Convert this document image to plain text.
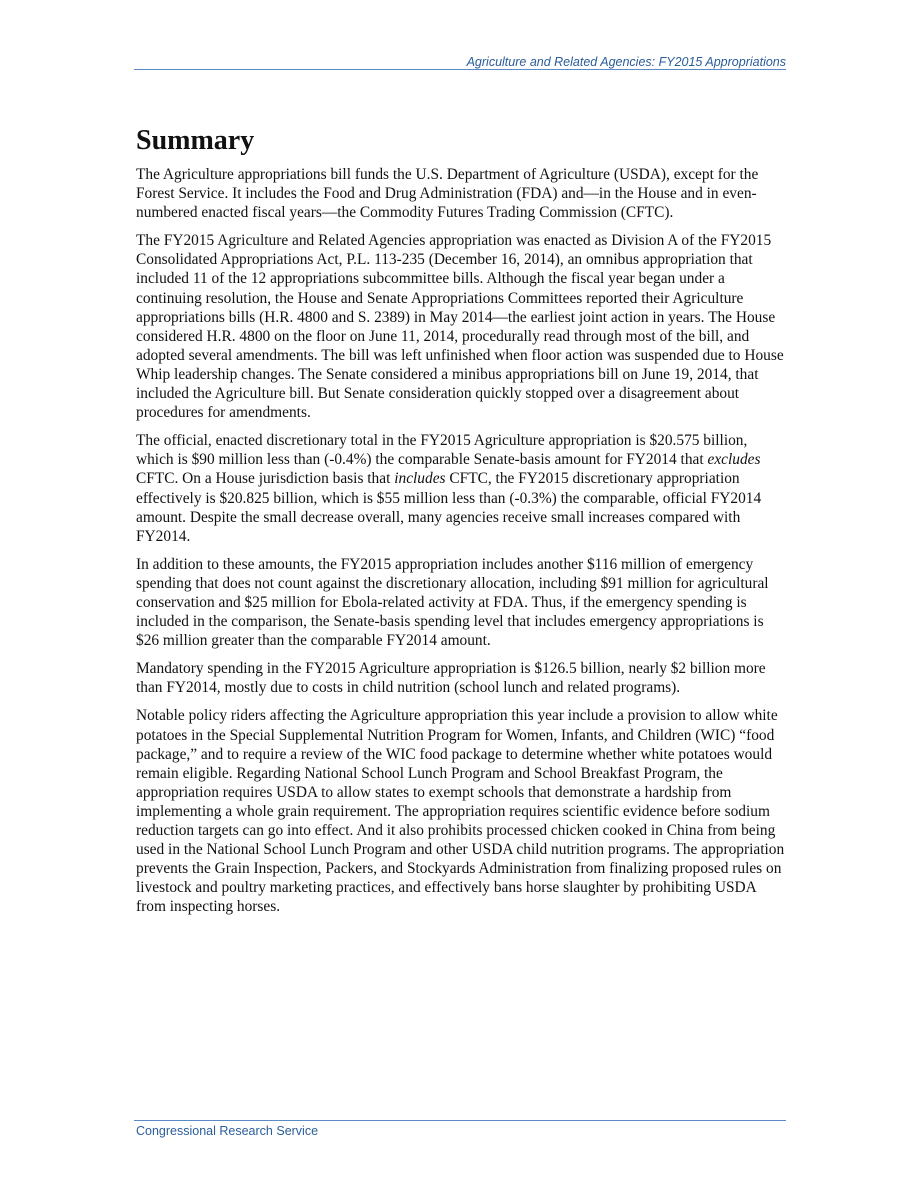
Agriculture and Related Agencies: FY2015 Appropriations
Summary

The Agriculture appropriations bill funds the U.S. Department of Agriculture (USDA), except for the Forest Service. It includes the Food and Drug Administration (FDA) and—in the House and in even-numbered enacted fiscal years—the Commodity Futures Trading Commission (CFTC).

The FY2015 Agriculture and Related Agencies appropriation was enacted as Division A of the FY2015 Consolidated Appropriations Act, P.L. 113-235 (December 16, 2014), an omnibus appropriation that included 11 of the 12 appropriations subcommittee bills. Although the fiscal year began under a continuing resolution, the House and Senate Appropriations Committees reported their Agriculture appropriations bills (H.R. 4800 and S. 2389) in May 2014—the earliest joint action in years. The House considered H.R. 4800 on the floor on June 11, 2014, procedurally read through most of the bill, and adopted several amendments. The bill was left unfinished when floor action was suspended due to House Whip leadership changes. The Senate considered a minibus appropriations bill on June 19, 2014, that included the Agriculture bill. But Senate consideration quickly stopped over a disagreement about procedures for amendments.

The official, enacted discretionary total in the FY2015 Agriculture appropriation is $20.575 billion, which is $90 million less than (-0.4%) the comparable Senate-basis amount for FY2014 that excludes CFTC. On a House jurisdiction basis that includes CFTC, the FY2015 discretionary appropriation effectively is $20.825 billion, which is $55 million less than (-0.3%) the comparable, official FY2014 amount. Despite the small decrease overall, many agencies receive small increases compared with FY2014.

In addition to these amounts, the FY2015 appropriation includes another $116 million of emergency spending that does not count against the discretionary allocation, including $91 million for agricultural conservation and $25 million for Ebola-related activity at FDA. Thus, if the emergency spending is included in the comparison, the Senate-basis spending level that includes emergency appropriations is $26 million greater than the comparable FY2014 amount.

Mandatory spending in the FY2015 Agriculture appropriation is $126.5 billion, nearly $2 billion more than FY2014, mostly due to costs in child nutrition (school lunch and related programs).

Notable policy riders affecting the Agriculture appropriation this year include a provision to allow white potatoes in the Special Supplemental Nutrition Program for Women, Infants, and Children (WIC) “food package,” and to require a review of the WIC food package to determine whether white potatoes would remain eligible. Regarding National School Lunch Program and School Breakfast Program, the appropriation requires USDA to allow states to exempt schools that demonstrate a hardship from implementing a whole grain requirement. The appropriation requires scientific evidence before sodium reduction targets can go into effect. And it also prohibits processed chicken cooked in China from being used in the National School Lunch Program and other USDA child nutrition programs. The appropriation prevents the Grain Inspection, Packers, and Stockyards Administration from finalizing proposed rules on livestock and poultry marketing practices, and effectively bans horse slaughter by prohibiting USDA from inspecting horses.

Congressional Research Service
